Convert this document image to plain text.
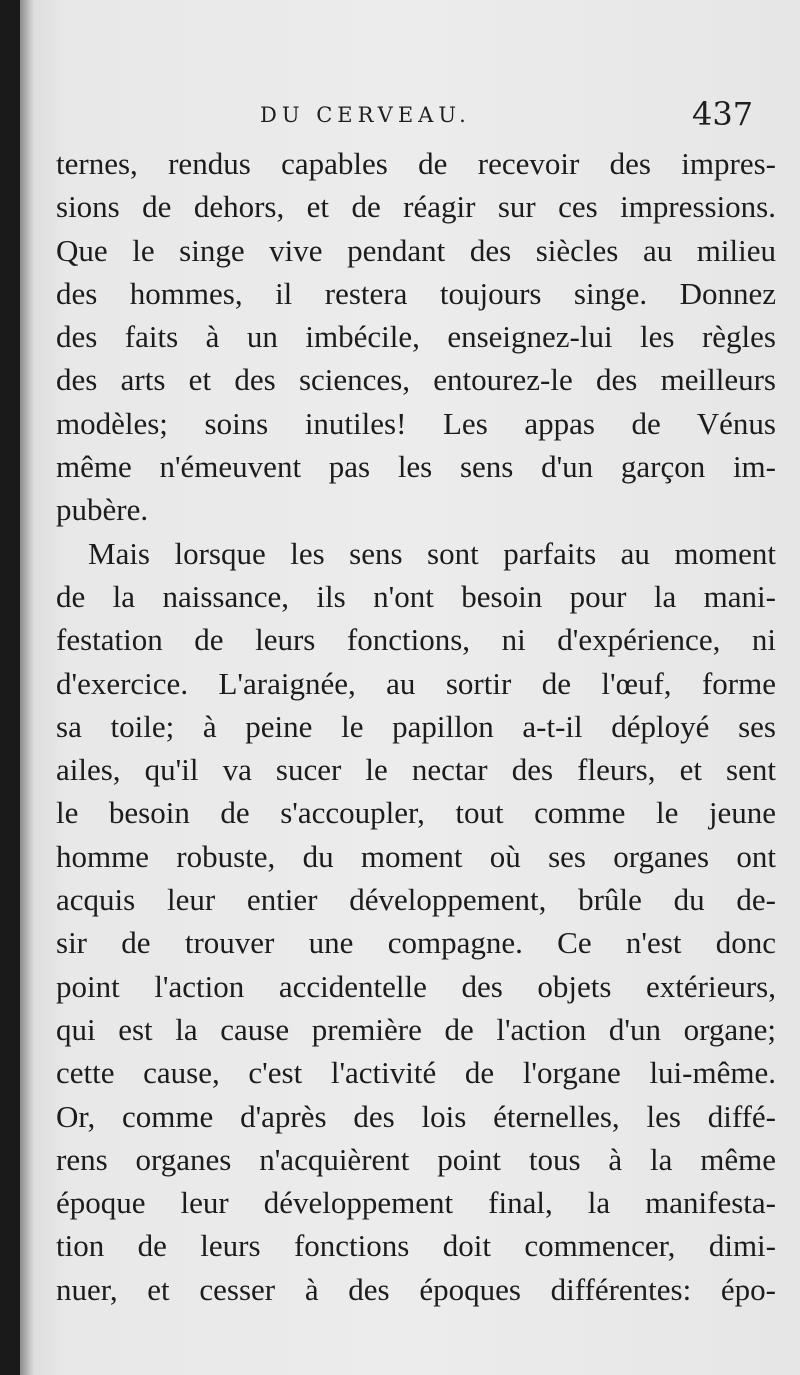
DU CERVEAU.	437
ternes, rendus capables de recevoir des impres-
sions de dehors, et de réagir sur ces impressions.
Que le singe vive pendant des siècles au milieu
des hommes, il restera toujours singe. Donnez
des faits à un imbécile, enseignez-lui les règles
des arts et des sciences, entourez-le des meilleurs
modèles; soins inutiles! Les appas de Vénus
même n'émeuvent pas les sens d'un garçon im-
pubère.
Mais lorsque les sens sont parfaits au moment
de la naissance, ils n'ont besoin pour la mani-
festation de leurs fonctions, ni d'expérience, ni
d'exercice. L'araignée, au sortir de l'œuf, forme
sa toile; à peine le papillon a-t-il déployé ses
ailes, qu'il va sucer le nectar des fleurs, et sent
le besoin de s'accoupler, tout comme le jeune
homme robuste, du moment où ses organes ont
acquis leur entier développement, brûle du de-
sir de trouver une compagne. Ce n'est donc
point l'action accidentelle des objets extérieurs,
qui est la cause première de l'action d'un organe;
cette cause, c'est l'activité de l'organe lui-même.
Or, comme d'après des lois éternelles, les diffé-
rens organes n'acquièrent point tous à la même
époque leur développement final, la manifesta-
tion de leurs fonctions doit commencer, dimi-
nuer, et cesser à des époques différentes: épo-
